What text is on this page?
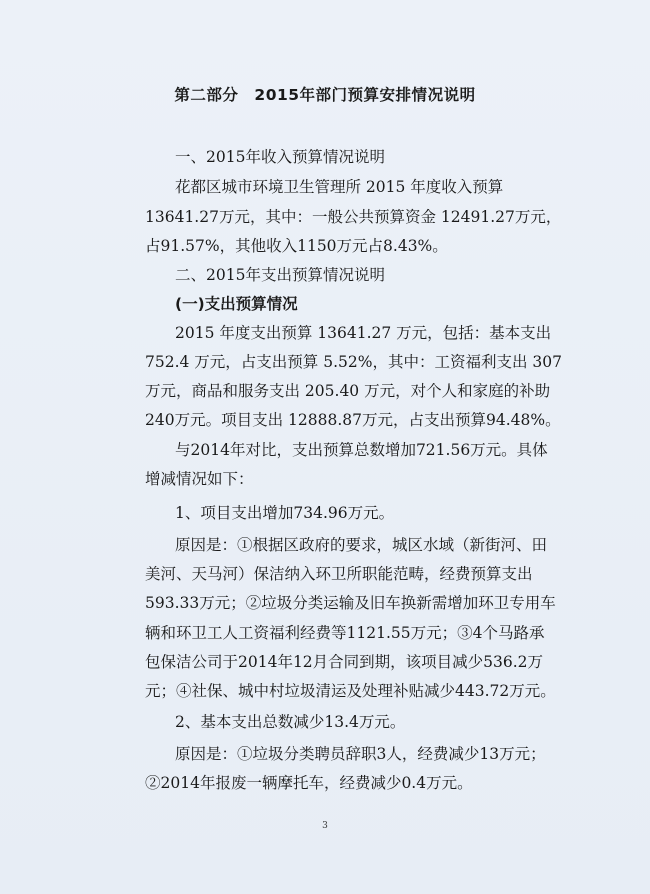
第二部分　2015年部门预算安排情况说明
一、2015年收入预算情况说明
花都区城市环境卫生管理所 2015 年度收入预算
13641.27万元，其中：一般公共预算资金 12491.27万元，
占91.57%，其他收入1150万元占8.43%。
二、2015年支出预算情况说明
(一)支出预算情况
2015 年度支出预算 13641.27 万元，包括：基本支出
752.4 万元，占支出预算 5.52%，其中：工资福利支出 307
万元，商品和服务支出 205.40 万元，对个人和家庭的补助
240万元。项目支出 12888.87万元，占支出预算94.48%。
与2014年对比，支出预算总数增加721.56万元。具体
增减情况如下：
1、项目支出增加734.96万元。
原因是：①根据区政府的要求，城区水域（新街河、田
美河、天马河）保洁纳入环卫所职能范畴，经费预算支出
593.33万元；②垃圾分类运输及旧车换新需增加环卫专用车
辆和环卫工人工资福利经费等1121.55万元；③4个马路承
包保洁公司于2014年12月合同到期，该项目减少536.2万
元；④社保、城中村垃圾清运及处理补贴减少443.72万元。
2、基本支出总数减少13.4万元。
原因是：①垃圾分类聘员辞职3人，经费减少13万元；
②2014年报废一辆摩托车，经费减少0.4万元。
3
